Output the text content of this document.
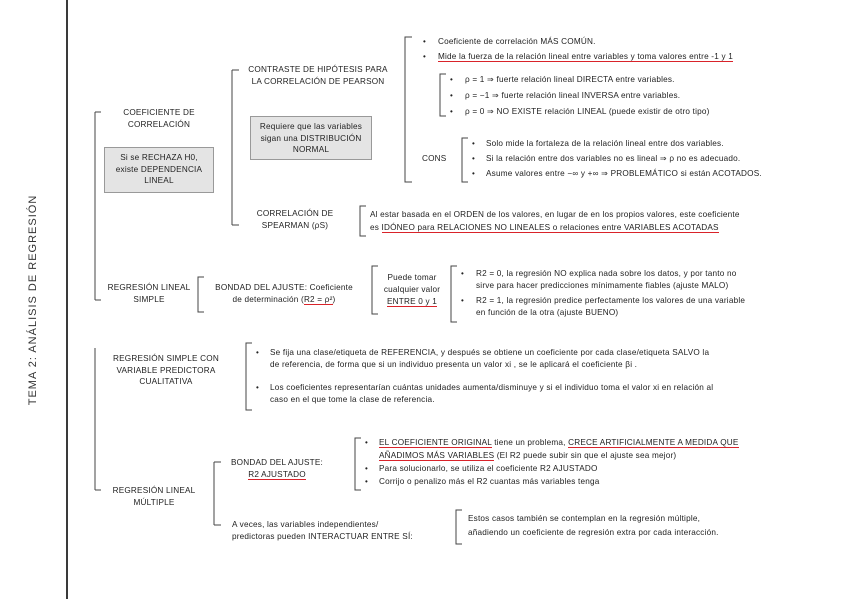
TEMA 2: ANÁLISIS DE REGRESIÓN
COEFICIENTE DE CORRELACIÓN
Si se RECHAZA H0, existe DEPENDENCIA LINEAL
CONTRASTE DE HIPÓTESIS PARA LA CORRELACIÓN DE PEARSON
Requiere que las variables sigan una DISTRIBUCIÓN NORMAL
• Coeficiente de correlación MÁS COMÚN.
• Mide la fuerza de la relación lineal entre variables y toma valores entre -1 y 1
• ρ = 1 ⇒ fuerte relación lineal DIRECTA entre variables.
• ρ = −1 ⇒ fuerte relación lineal INVERSA entre variables.
• ρ = 0 ⇒ NO EXISTE relación LINEAL (puede existir de otro tipo)
CONS
• Solo mide la fortaleza de la relación lineal entre dos variables.
• Si la relación entre dos variables no es lineal ⇒ ρ no es adecuado.
• Asume valores entre −∞ y +∞ ⇒ PROBLEMÁTICO si están ACOTADOS.
CORRELACIÓN DE SPEARMAN (ρS)
Al estar basada en el ORDEN de los valores, en lugar de en los propios valores, este coeficiente
es IDÓNEO para RELACIONES NO LINEALES o relaciones entre VARIABLES ACOTADAS
REGRESIÓN LINEAL SIMPLE
BONDAD DEL AJUSTE: Coeficiente
de determinación (R2 = ρ²)
Puede tomar
cualquier valor
ENTRE 0 y 1
• R2 = 0, la regresión NO explica nada sobre los datos, y por tanto no
sirve para hacer predicciones mínimamente fiables (ajuste MALO)
• R2 = 1, la regresión predice perfectamente los valores de una variable
en función de la otra (ajuste BUENO)
REGRESIÓN SIMPLE CON VARIABLE PREDICTORA CUALITATIVA
• Se fija una clase/etiqueta de REFERENCIA, y después se obtiene un coeficiente por cada clase/etiqueta SALVO la
de referencia, de forma que si un individuo presenta un valor xi , se le aplicará el coeficiente βi .
• Los coeficientes representarían cuántas unidades aumenta/disminuye y si el individuo toma el valor xi en relación al
caso en el que tome la clase de referencia.
REGRESIÓN LINEAL MÚLTIPLE
BONDAD DEL AJUSTE:
R2 AJUSTADO
• EL COEFICIENTE ORIGINAL tiene un problema, CRECE ARTIFICIALMENTE A MEDIDA QUE
AÑADIMOS MÁS VARIABLES (El R2 puede subir sin que el ajuste sea mejor)
• Para solucionarlo, se utiliza el coeficiente R2 AJUSTADO
• Corrijo o penalizo más el R2 cuantas más variables tenga
A veces, las variables independientes/
predictoras pueden INTERACTUAR ENTRE SÍ:
Estos casos también se contemplan en la regresión múltiple,
añadiendo un coeficiente de regresión extra por cada interacción.
